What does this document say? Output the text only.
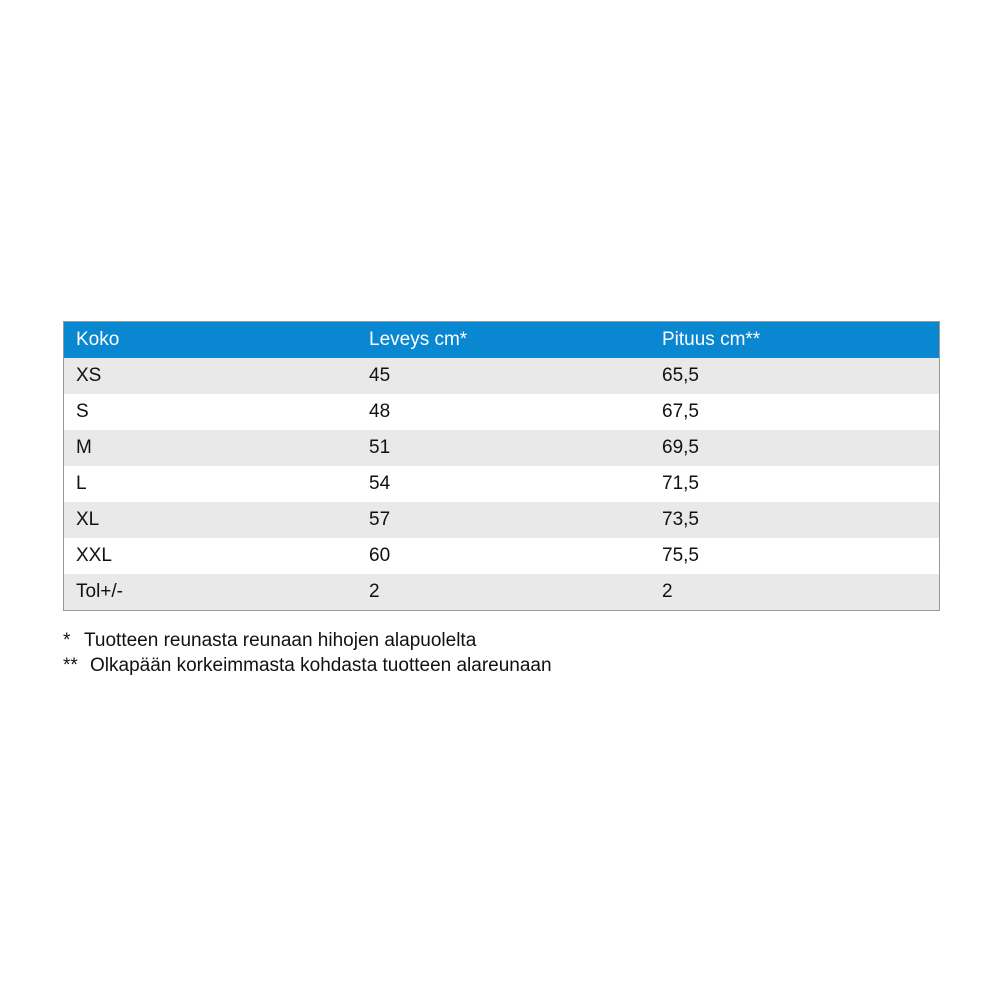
Koko	Leveys cm*	Pituus cm**
XS	45	65,5
S	48	67,5
M	51	69,5
L	54	71,5
XL	57	73,5
XXL	60	75,5
Tol+/-	2	2
* Tuotteen reunasta reunaan hihojen alapuolelta
** Olkapään korkeimmasta kohdasta tuotteen alareunaan
